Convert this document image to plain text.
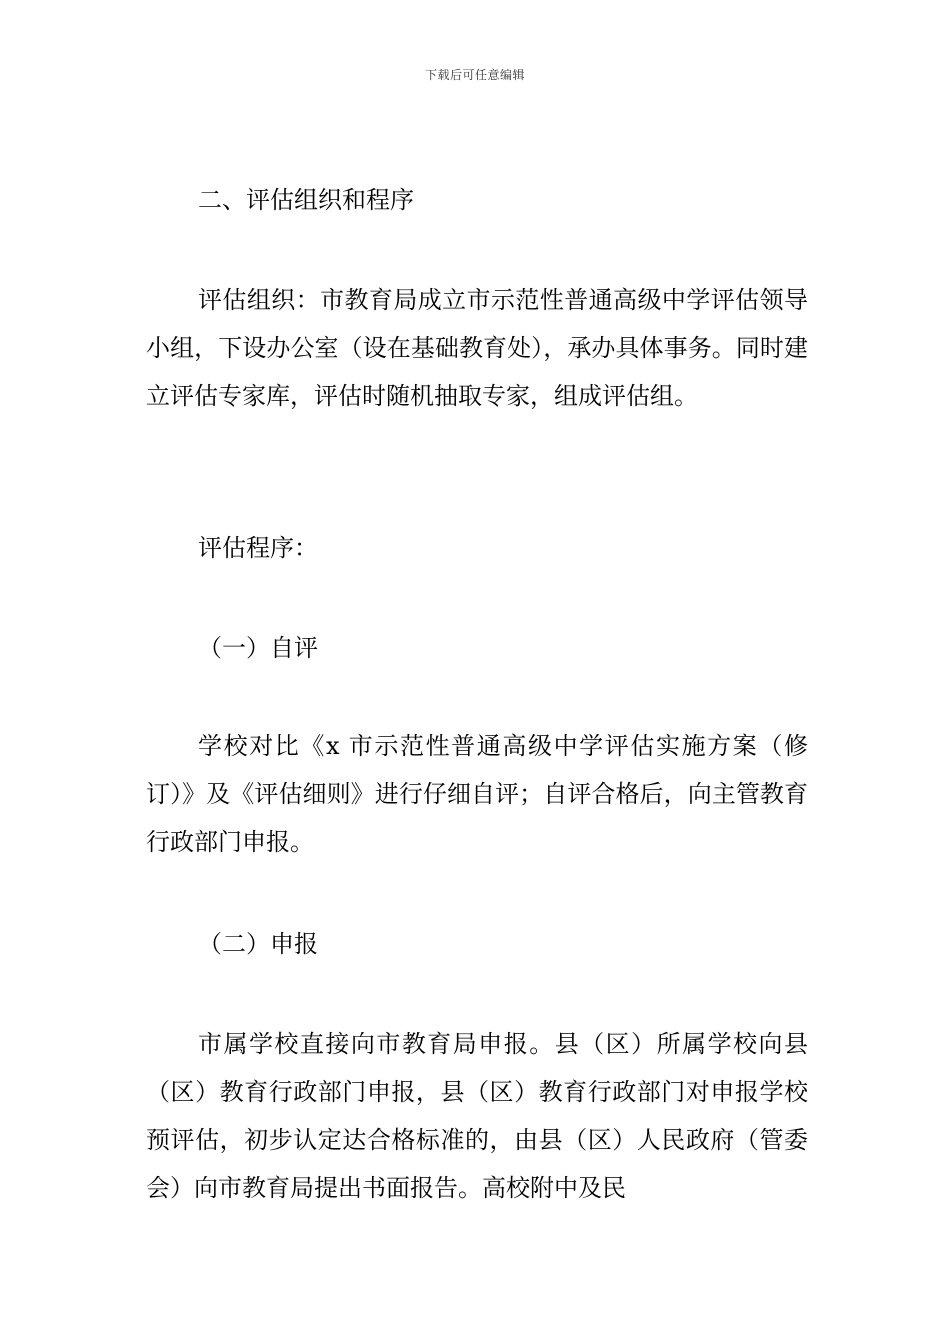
下载后可任意编辑

二、评估组织和程序

评估组织：市教育局成立市示范性普通高级中学评估领导小组，下设办公室（设在基础教育处），承办具体事务。同时建立评估专家库，评估时随机抽取专家，组成评估组。

评估程序：

（一）自评

学校对比《x 市示范性普通高级中学评估实施方案（修订）》及《评估细则》进行仔细自评；自评合格后，向主管教育行政部门申报。

（二）申报

市属学校直接向市教育局申报。县（区）所属学校向县（区）教育行政部门申报，县（区）教育行政部门对申报学校预评估，初步认定达合格标准的，由县（区）人民政府（管委会）向市教育局提出书面报告。高校附中及民
